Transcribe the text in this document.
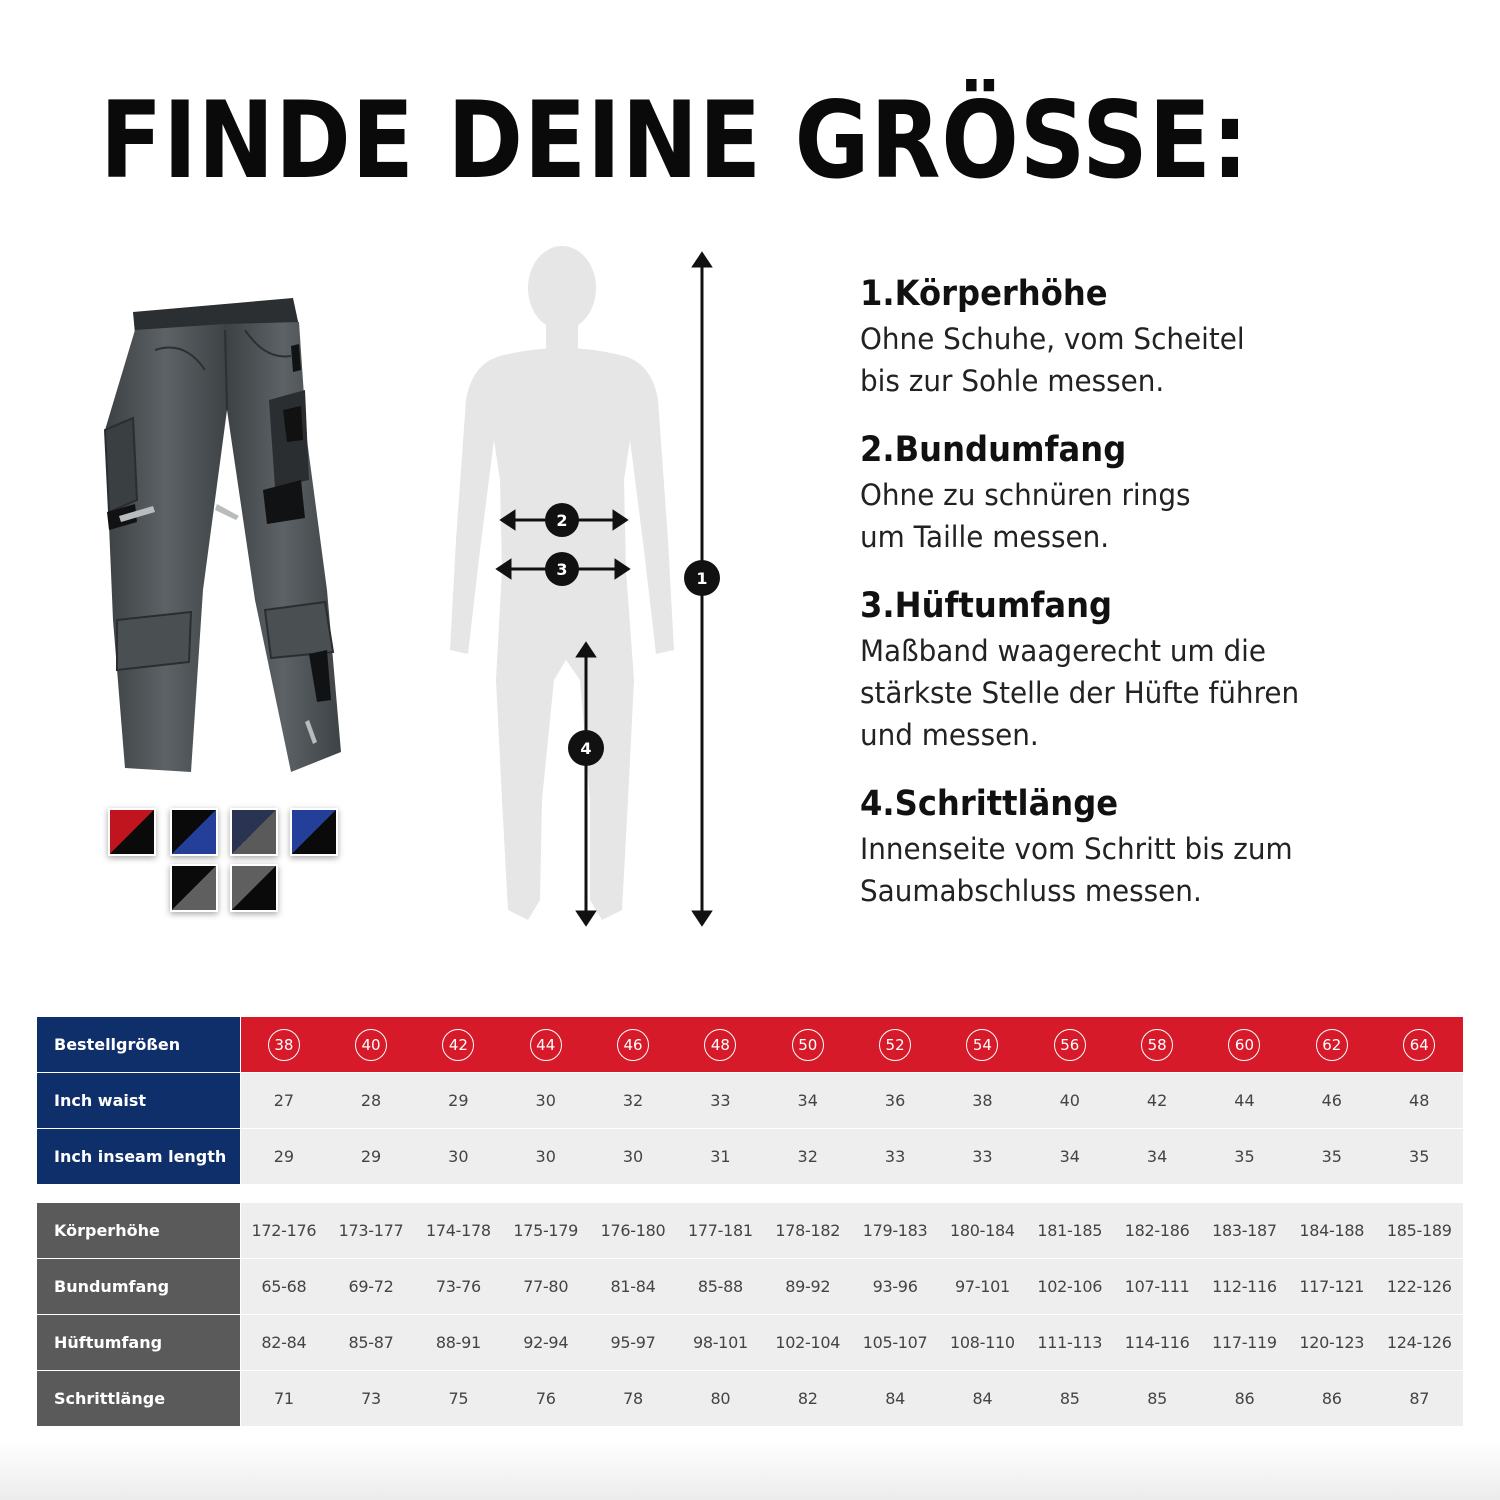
FINDE DEINE GRÖSSE:
1
2
3
4
1.Körperhöhe
Ohne Schuhe, vom Scheitel
bis zur Sohle messen.
2.Bundumfang
Ohne zu schnüren rings
um Taille messen.
3.Hüftumfang
Maßband waagerecht um die
stärkste Stelle der Hüfte führen
und messen.
4.Schrittlänge
Innenseite vom Schritt bis zum
Saumabschluss messen.
Bestellgrößen	38	40	42	44	46	48	50	52	54	56	58	60	62	64
Inch waist	27	28	29	30	32	33	34	36	38	40	42	44	46	48
Inch inseam length	29	29	30	30	30	31	32	33	33	34	34	35	35	35
Körperhöhe	172-176	173-177	174-178	175-179	176-180	177-181	178-182	179-183	180-184	181-185	182-186	183-187	184-188	185-189
Bundumfang	65-68	69-72	73-76	77-80	81-84	85-88	89-92	93-96	97-101	102-106	107-111	112-116	117-121	122-126
Hüftumfang	82-84	85-87	88-91	92-94	95-97	98-101	102-104	105-107	108-110	111-113	114-116	117-119	120-123	124-126
Schrittlänge	71	73	75	76	78	80	82	84	84	85	85	86	86	87
